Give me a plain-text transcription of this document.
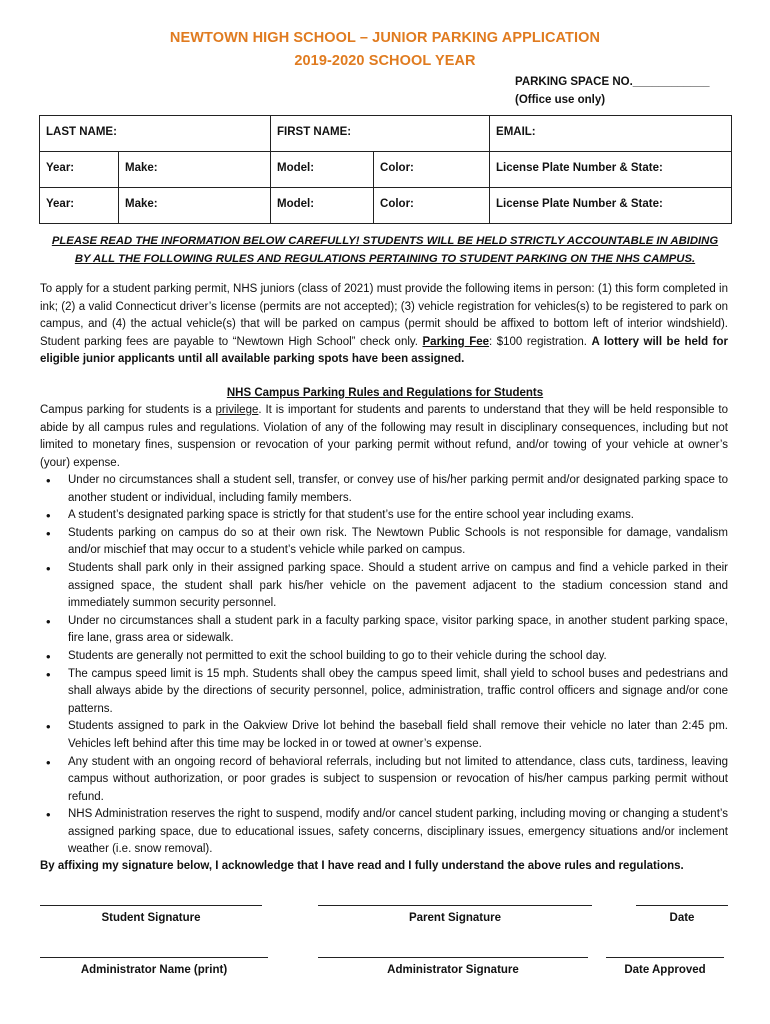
NEWTOWN HIGH SCHOOL – JUNIOR PARKING APPLICATION
2019-2020 SCHOOL YEAR
PARKING SPACE NO.____________
(Office use only)
LAST NAME:		FIRST NAME:		EMAIL:
Year:	Make:	Model:	Color:	License Plate Number & State:
Year:	Make:	Model:	Color:	License Plate Number & State:
PLEASE READ THE INFORMATION BELOW CAREFULLY! STUDENTS WILL BE HELD STRICTLY ACCOUNTABLE IN ABIDING
BY ALL THE FOLLOWING RULES AND REGULATIONS PERTAINING TO STUDENT PARKING ON THE NHS CAMPUS.
To apply for a student parking permit, NHS juniors (class of 2021) must provide the following items in person: (1) this form completed in ink; (2) a valid Connecticut driver’s license (permits are not accepted); (3) vehicle registration for vehicles(s) to be registered to park on campus, and (4) the actual vehicle(s) that will be parked on campus (permit should be affixed to bottom left of interior windshield). Student parking fees are payable to “Newtown High School” check only. Parking Fee: $100 registration. A lottery will be held for eligible junior applicants until all available parking spots have been assigned.
NHS Campus Parking Rules and Regulations for Students
Campus parking for students is a privilege. It is important for students and parents to understand that they will be held responsible to abide by all campus rules and regulations. Violation of any of the following may result in disciplinary consequences, including but not limited to monetary fines, suspension or revocation of your parking permit without refund, and/or towing of your vehicle at owner’s (your) expense.
• Under no circumstances shall a student sell, transfer, or convey use of his/her parking permit and/or designated parking space to another student or individual, including family members.
• A student’s designated parking space is strictly for that student’s use for the entire school year including exams.
• Students parking on campus do so at their own risk. The Newtown Public Schools is not responsible for damage, vandalism and/or mischief that may occur to a student’s vehicle while parked on campus.
• Students shall park only in their assigned parking space. Should a student arrive on campus and find a vehicle parked in their assigned space, the student shall park his/her vehicle on the pavement adjacent to the stadium concession stand and immediately summon security personnel.
• Under no circumstances shall a student park in a faculty parking space, visitor parking space, in another student parking space, fire lane, grass area or sidewalk.
• Students are generally not permitted to exit the school building to go to their vehicle during the school day.
• The campus speed limit is 15 mph. Students shall obey the campus speed limit, shall yield to school buses and pedestrians and shall always abide by the directions of security personnel, police, administration, traffic control officers and signage and/or cone patterns.
• Students assigned to park in the Oakview Drive lot behind the baseball field shall remove their vehicle no later than 2:45 pm. Vehicles left behind after this time may be locked in or towed at owner’s expense.
• Any student with an ongoing record of behavioral referrals, including but not limited to attendance, class cuts, tardiness, leaving campus without authorization, or poor grades is subject to suspension or revocation of his/her campus parking permit without refund.
• NHS Administration reserves the right to suspend, modify and/or cancel student parking, including moving or changing a student’s assigned parking space, due to educational issues, safety concerns, disciplinary issues, emergency situations and/or inclement weather (i.e. snow removal).
By affixing my signature below, I acknowledge that I have read and I fully understand the above rules and regulations.
Student Signature	Parent Signature	Date
Administrator Name (print)	Administrator Signature	Date Approved
